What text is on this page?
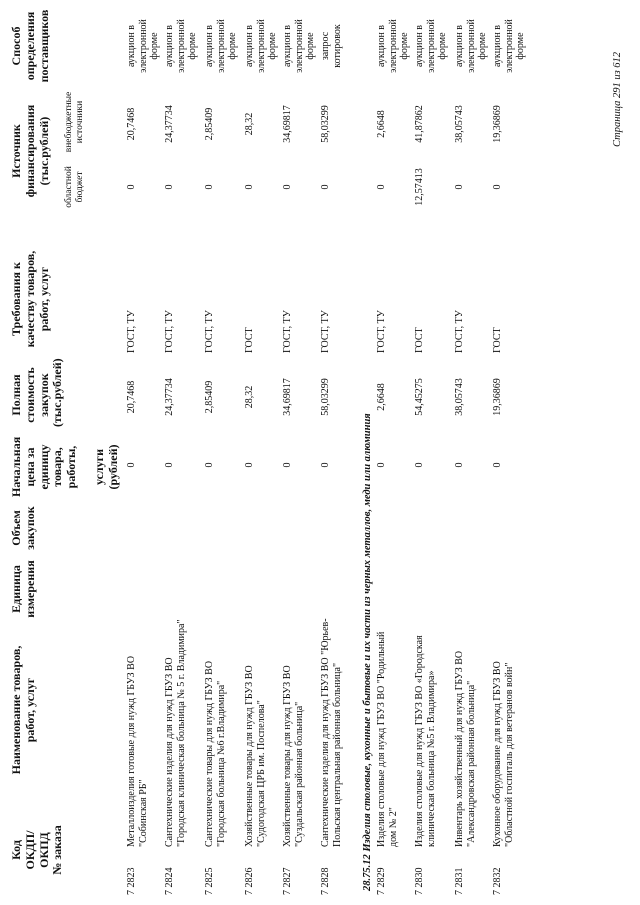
Код
ОКДП/
ОКПД
№ заказа
Наименование товаров,
работ, услуг
Единица
измерения
Объем
закупок
Начальная
цена за
единицу
товара,
работы,

услуги
(рублей)
Полная
стоимость
закупок
(тыс.рублей)
Требования к
качеству товаров,
работ, услуг
Источник
финансирования
(тыс.рублей)
областной
бюджет
внебюджетные
источники
Способ
определения
поставщиков
7 2823
Металлоизделия готовые для нужд ГБУЗ ВО "Собинская РБ"
0
20,7468
ГОСТ, ТУ
0
20,7468
аукцион в
электронной
форме
7 2824
Сантехнические изделия для нужд ГБУЗ ВО "Городская клиническая больница № 5 г. Владимира"
0
24,37734
ГОСТ, ТУ
0
24,37734
аукцион в
электронной
форме
7 2825
Сантехнические товары для нужд ГБУЗ ВО "Городская больница №6 г.Владимира"
0
2,85409
ГОСТ, ТУ
0
2,85409
аукцион в
электронной
форме
7 2826
Хозяйственные товары для нужд ГБУЗ ВО "Судогодская ЦРБ им. Поспелова"
0
28,32
ГОСТ
0
28,32
аукцион в
электронной
форме
7 2827
Хозяйственные товары для нужд ГБУЗ ВО "Суздальская районная больница"
0
34,69817
ГОСТ, ТУ
0
34,69817
аукцион в
электронной
форме
7 2828
Сантехнические изделия для нужд ГБУЗ ВО "Юрьев-Польская центральная районная больница"
0
58,03299
ГОСТ, ТУ
0
58,03299
запрос
котировок
7 2829
Изделия столовые для нужд ГБУЗ ВО "Родильный дом № 2"
0
2,6648
ГОСТ, ТУ
0
2,6648
аукцион в
электронной
форме
7 2830
Изделия столовые для нужд ГБУЗ ВО «Городская клиническая больница №5 г. Владимира»
0
54,45275
ГОСТ
12,57413
41,87862
аукцион в
электронной
форме
7 2831
Инвентарь хозяйственный для нужд ГБУЗ ВО "Александровская районная больница"
0
38,05743
ГОСТ, ТУ
0
38,05743
аукцион в
электронной
форме
7 2832
Кухонное оборудование для нужд ГБУЗ ВО "Областной госпиталь для ветеранов войн"
0
19,36869
ГОСТ
0
19,36869
аукцион в
электронной
форме
28.75.12 Изделия столовые, кухонные и бытовые и их части из черных металлов, меди или алюминия
Страница 291 из 612
